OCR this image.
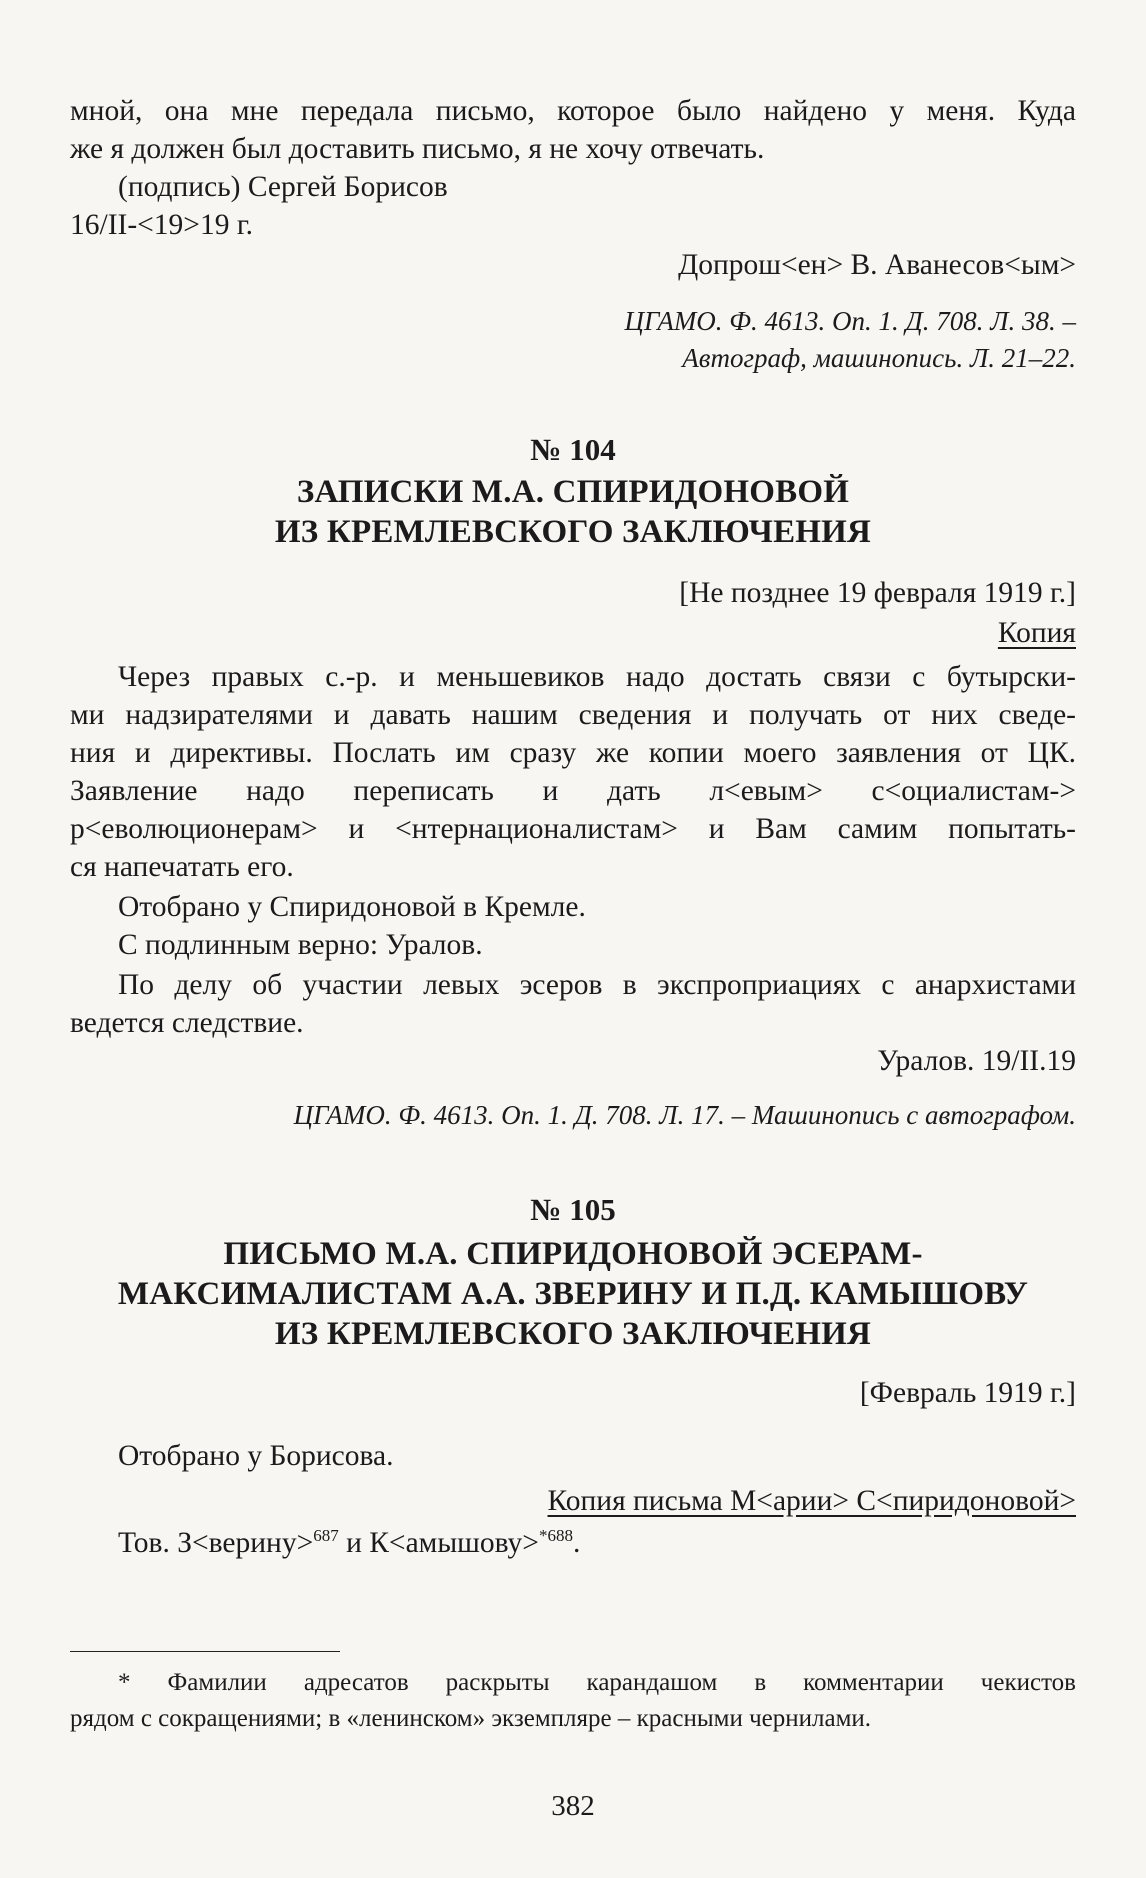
мной, она мне передала письмо, которое было найдено у меня. Куда
же я должен был доставить письмо, я не хочу отвечать.
(подпись) Сергей Борисов
16/II-<19>19 г.
Допрош<ен> В. Аванесов<ым>
ЦГАМО. Ф. 4613. Оп. 1. Д. 708. Л. 38. –
Автограф, машинопись. Л. 21–22.
№ 104
ЗАПИСКИ М.А. СПИРИДОНОВОЙ
ИЗ КРЕМЛЕВСКОГО ЗАКЛЮЧЕНИЯ
[Не позднее 19 февраля 1919 г.]
Копия
Через правых с.-р. и меньшевиков надо достать связи с бутырски-
ми надзирателями и давать нашим сведения и получать от них сведе-
ния и директивы. Послать им сразу же копии моего заявления от ЦК.
Заявление надо переписать и дать л<евым> с<оциалистам->
р<еволюционерам> и <нтернационалистам> и Вам самим попытать-
ся напечатать его.
Отобрано у Спиридоновой в Кремле.
С подлинным верно: Уралов.
По делу об участии левых эсеров в экспроприациях с анархистами
ведется следствие.
Уралов. 19/II.19
ЦГАМО. Ф. 4613. Оп. 1. Д. 708. Л. 17. – Машинопись с автографом.
№ 105
ПИСЬМО М.А. СПИРИДОНОВОЙ ЭСЕРАМ-
МАКСИМАЛИСТАМ А.А. ЗВЕРИНУ И П.Д. КАМЫШОВУ
ИЗ КРЕМЛЕВСКОГО ЗАКЛЮЧЕНИЯ
[Февраль 1919 г.]
Отобрано у Борисова.
Копия письма М<арии> С<пиридоновой>
Тов. З<верину>$^{687}$ и К<амышову>$^{*688}$.
* Фамилии адресатов раскрыты карандашом в комментарии чекистов
рядом с сокращениями; в «ленинском» экземпляре – красными чернилами.
382
